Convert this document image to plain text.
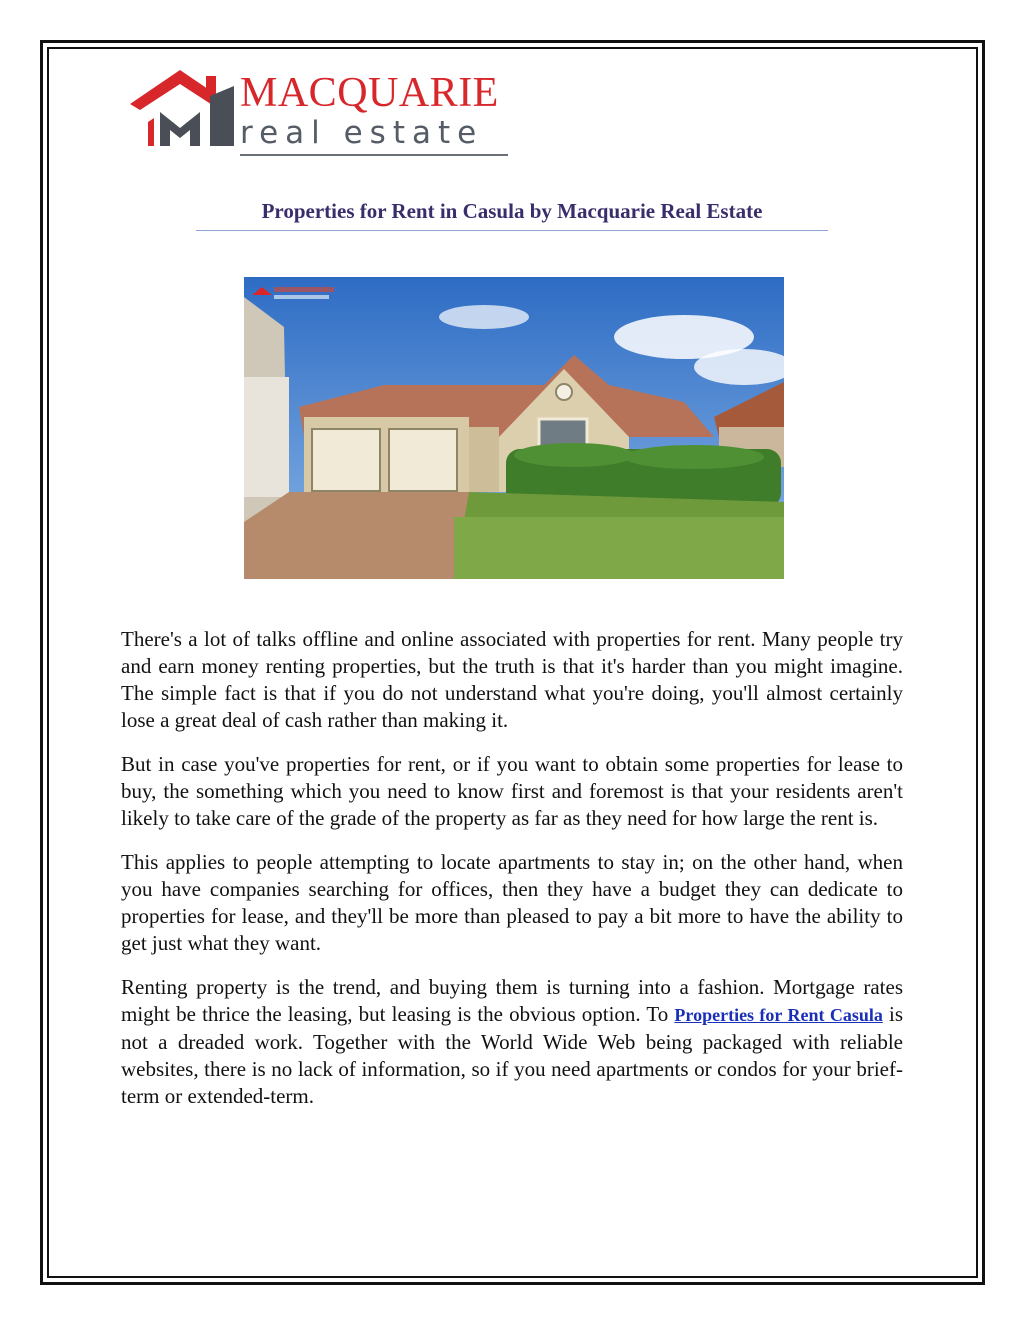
MACQUARIE
real estate
Properties for Rent in Casula by Macquarie Real Estate

There's a lot of talks offline and online associated with properties for rent. Many people try and earn money renting properties, but the truth is that it's harder than you might imagine. The simple fact is that if you do not understand what you're doing, you'll almost certainly lose a great deal of cash rather than making it.

But in case you've properties for rent, or if you want to obtain some properties for lease to buy, the something which you need to know first and foremost is that your residents aren't likely to take care of the grade of the property as far as they need for how large the rent is.

This applies to people attempting to locate apartments to stay in; on the other hand, when you have companies searching for offices, then they have a budget they can dedicate to properties for lease, and they'll be more than pleased to pay a bit more to have the ability to get just what they want.

Renting property is the trend, and buying them is turning into a fashion. Mortgage rates might be thrice the leasing, but leasing is the obvious option. To Properties for Rent Casula is not a dreaded work. Together with the World Wide Web being packaged with reliable websites, there is no lack of information, so if you need apartments or condos for your brief-term or extended-term.
